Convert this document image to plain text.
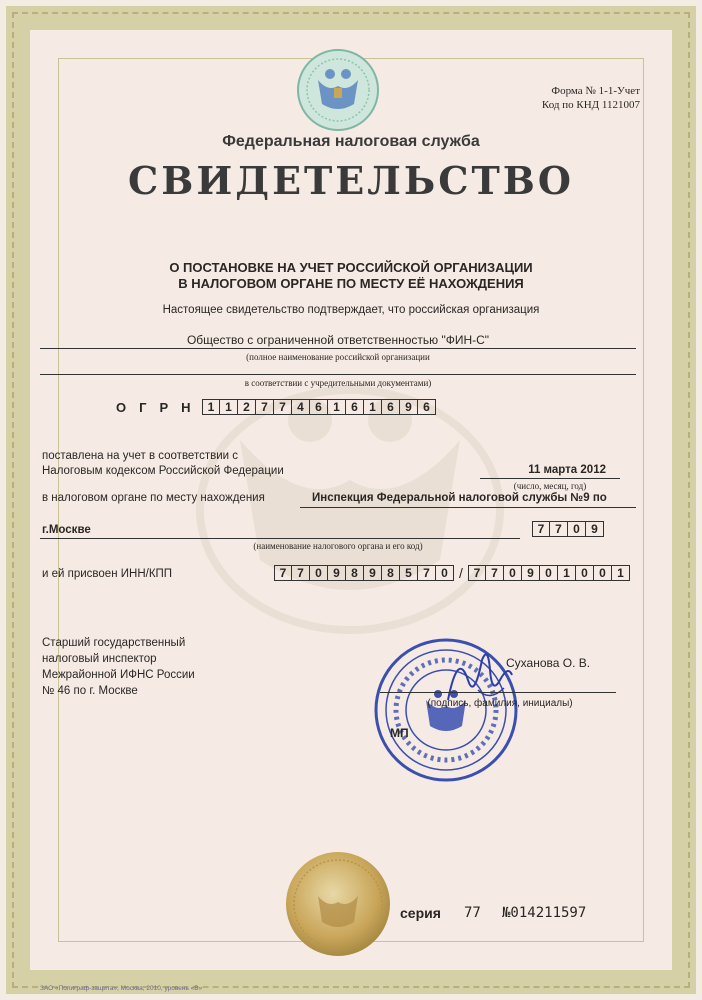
Форма № 1-1-Учет
Код по КНД 1121007
Федеральная налоговая служба
СВИДЕТЕЛЬСТВО
О ПОСТАНОВКЕ НА УЧЕТ РОССИЙСКОЙ ОРГАНИЗАЦИИ
В НАЛОГОВОМ ОРГАНЕ ПО МЕСТУ ЕЁ НАХОЖДЕНИЯ
Настоящее свидетельство подтверждает, что российская организация
Общество с ограниченной ответственностью "ФИН-С"
(полное наименование российской организации
в соответствии с учредительными документами)
ОГРН 1 1 2 7 7 4 6 1 6 1 6 9 6
поставлена на учет в соответствии с
Налоговым кодексом Российской Федерации	11 марта 2012
(число, месяц, год)
в налоговом органе по месту нахождения	Инспекция Федеральной налоговой службы №9 по
г.Москве	7 7 0 9
(наименование налогового органа и его код)
и ей присвоен ИНН/КПП	7 7 0 9 8 9 8 5 7 0 / 7 7 0 9 0 1 0 0 1
Старший государственный
налоговый инспектор
Межрайонной ИФНС России
№ 46 по г. Москве
Суханова О. В.
(подпись, фамилия, инициалы)
МП
серия 77 №014211597
ЗАО «Полиграф-защита», Москва, 2010, уровень «В»
